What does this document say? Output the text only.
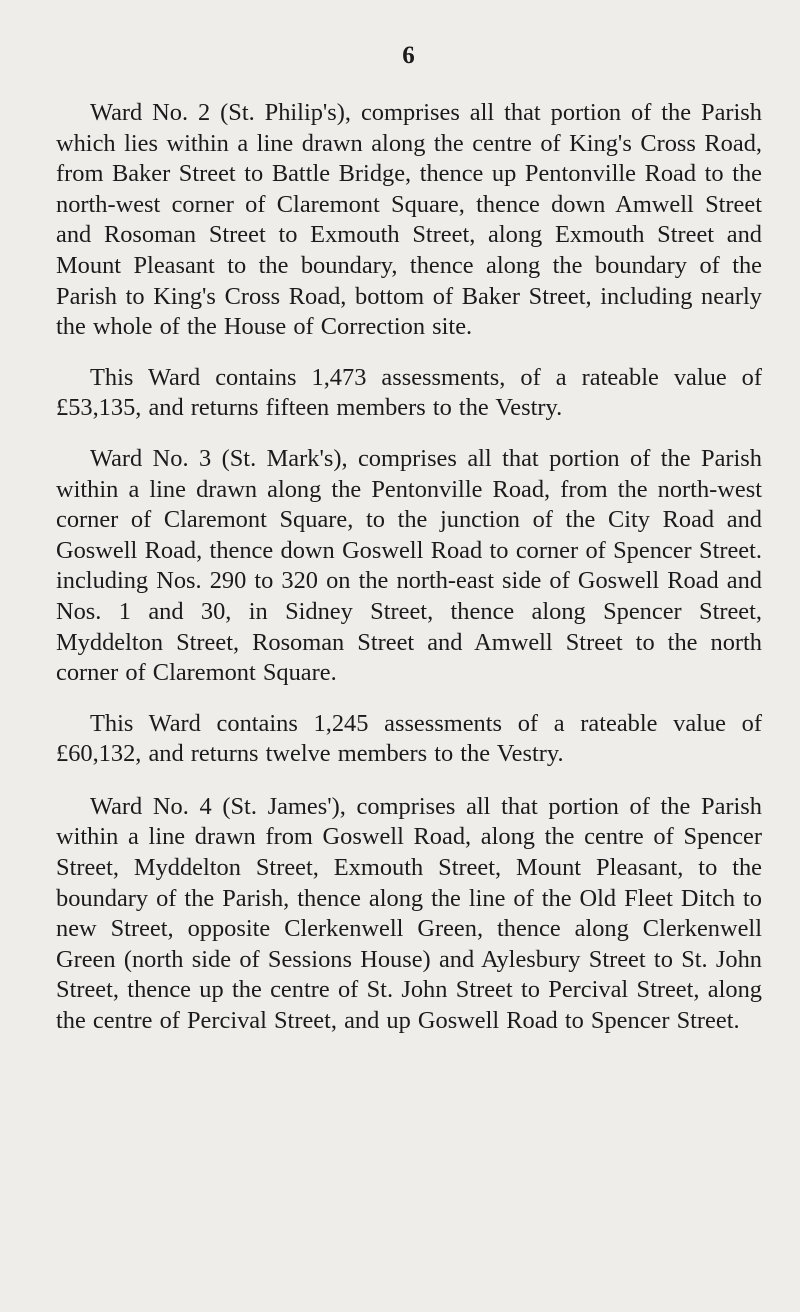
6

Ward No. 2 (St. Philip's), comprises all that portion of the Parish which lies within a line drawn along the centre of King's Cross Road, from Baker Street to Battle Bridge, thence up Pentonville Road to the north-west corner of Claremont Square, thence down Amwell Street and Rosoman Street to Exmouth Street, along Exmouth Street and Mount Pleasant to the boundary, thence along the boundary of the Parish to King's Cross Road, bottom of Baker Street, including nearly the whole of the House of Correction site.

This Ward contains 1,473 assessments, of a rateable value of £53,135, and returns fifteen members to the Vestry.

Ward No. 3 (St. Mark's), comprises all that portion of the Parish within a line drawn along the Pentonville Road, from the north-west corner of Claremont Square, to the junction of the City Road and Goswell Road, thence down Goswell Road to corner of Spencer Street. including Nos. 290 to 320 on the north-east side of Goswell Road and Nos. 1 and 30, in Sidney Street, thence along Spencer Street, Myddelton Street, Rosoman Street and Amwell Street to the north corner of Claremont Square.

This Ward contains 1,245 assessments of a rateable value of £60,132, and returns twelve members to the Vestry.

Ward No. 4 (St. James'), comprises all that portion of the Parish within a line drawn from Goswell Road, along the centre of Spencer Street, Myddelton Street, Exmouth Street, Mount Pleasant, to the boundary of the Parish, thence along the line of the Old Fleet Ditch to new Street, opposite Clerkenwell Green, thence along Clerkenwell Green (north side of Sessions House) and Aylesbury Street to St. John Street, thence up the centre of St. John Street to Percival Street, along the centre of Percival Street, and up Goswell Road to Spencer Street.
